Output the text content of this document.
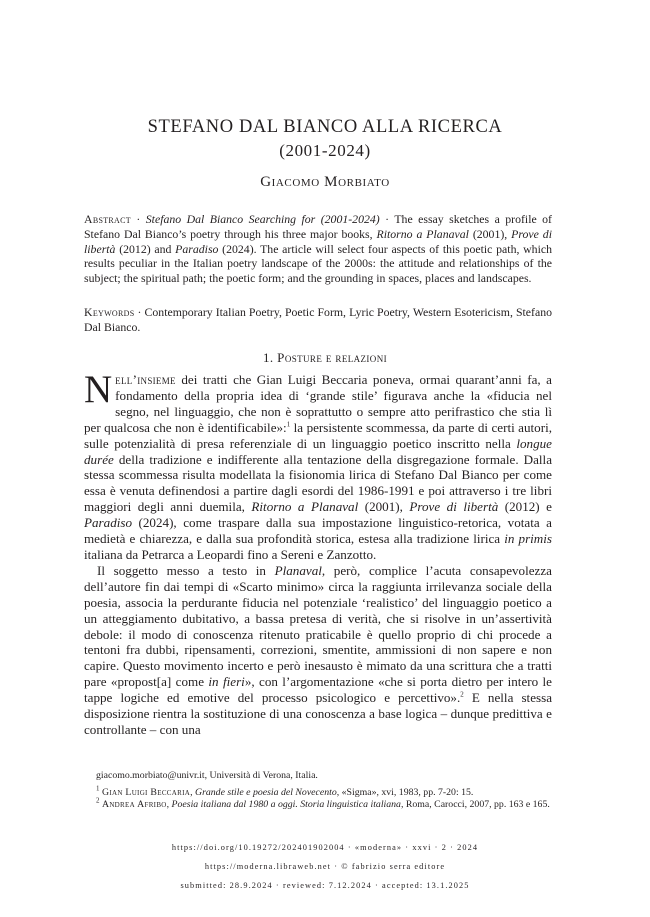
STEFANO DAL BIANCO ALLA RICERCA
(2001-2024)
Giacomo Morbiato
Abstract · Stefano Dal Bianco Searching for (2001-2024) · The essay sketches a profile of Stefano Dal Bianco’s poetry through his three major books, Ritorno a Planaval (2001), Prove di libertà (2012) and Paradiso (2024). The article will select four aspects of this poetic path, which results peculiar in the Italian poetry landscape of the 2000s: the attitude and relationships of the subject; the spiritual path; the poetic form; and the grounding in spaces, places and landscapes.
Keywords · Contemporary Italian Poetry, Poetic Form, Lyric Poetry, Western Esotericism, Stefano Dal Bianco.
1. Posture e relazioni

Nell’insieme dei tratti che Gian Luigi Beccaria poneva, ormai quarant’anni fa, a fondamento della propria idea di ‘grande stile’ figurava anche la «fiducia nel segno, nel linguaggio, che non è soprattutto o sempre atto perifrastico che stia lì per qualcosa che non è identificabile»:$^1$ la persistente scommessa, da parte di certi autori, sulle potenzialità di presa referenziale di un linguaggio poetico inscritto nella longue durée della tradizione e indifferente alla tentazione della disgregazione formale. Dalla stessa scommessa risulta modellata la fisionomia lirica di Stefano Dal Bianco per come essa è venuta definendosi a partire dagli esordi del 1986-1991 e poi attraverso i tre libri maggiori degli anni duemila, Ritorno a Planaval (2001), Prove di libertà (2012) e Paradiso (2024), come traspare dalla sua impostazione linguistico-retorica, votata a medietà e chiarezza, e dalla sua profondità storica, estesa alla tradizione lirica in primis italiana da Petrarca a Leopardi fino a Sereni e Zanzotto.

Il soggetto messo a testo in Planaval, però, complice l’acuta consapevolezza dell’autore fin dai tempi di «Scarto minimo» circa la raggiunta irrilevanza sociale della poesia, associa la perdurante fiducia nel potenziale ‘realistico’ del linguaggio poetico a un atteggiamento dubitativo, a bassa pretesa di verità, che si risolve in un’assertività debole: il modo di conoscenza ritenuto praticabile è quello proprio di chi procede a tentoni fra dubbi, ripensamenti, correzioni, smentite, ammissioni di non sapere e non capire. Questo movimento incerto e però inesausto è mimato da una scrittura che a tratti pare «propost[a] come in fieri», con l’argomentazione «che si porta dietro per intero le tappe logiche ed emotive del processo psicologico e percettivo».$^2$ E nella stessa disposizione rientra la sostituzione di una conoscenza a base logica – dunque predittiva e controllante – con una

giacomo.morbiato@univr.it, Università di Verona, Italia.

$^1$ Gian Luigi Beccaria, Grande stile e poesia del Novecento, «Sigma», xvi, 1983, pp. 7-20: 15.

$^2$ Andrea Afribo, Poesia italiana dal 1980 a oggi. Storia linguistica italiana, Roma, Carocci, 2007, pp. 163 e 165.

https://doi.org/10.19272/202401902004 · «moderna» · xxvi · 2 · 2024
https://moderna.libraweb.net · © fabrizio serra editore
submitted: 28.9.2024 · reviewed: 7.12.2024 · accepted: 13.1.2025
